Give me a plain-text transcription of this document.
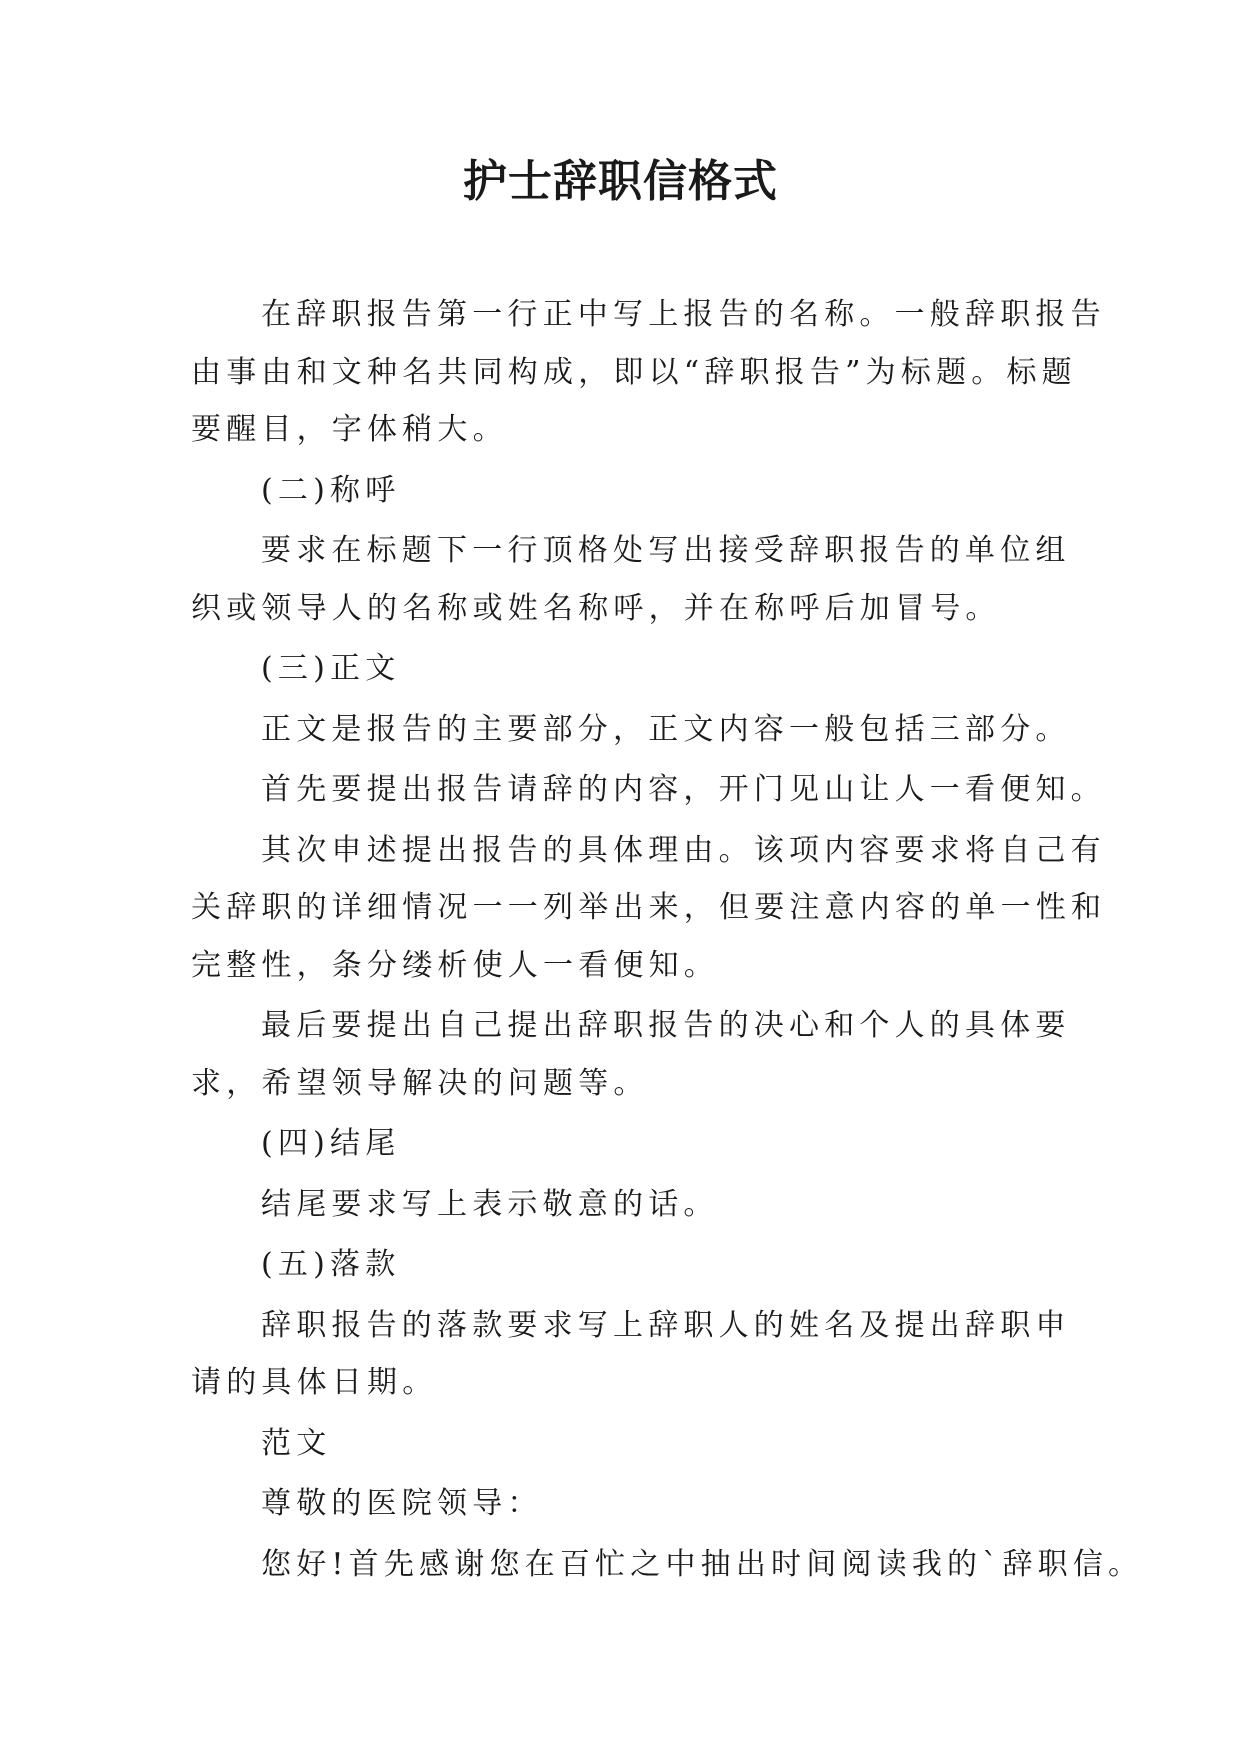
护士辞职信格式

在辞职报告第一行正中写上报告的名称。一般辞职报告
由事由和文种名共同构成，即以“辞职报告”为标题。标题
要醒目，字体稍大。

(二)称呼

要求在标题下一行顶格处写出接受辞职报告的单位组
织或领导人的名称或姓名称呼，并在称呼后加冒号。

(三)正文

正文是报告的主要部分，正文内容一般包括三部分。

首先要提出报告请辞的内容，开门见山让人一看便知。

其次申述提出报告的具体理由。该项内容要求将自己有
关辞职的详细情况一一列举出来，但要注意内容的单一性和
完整性，条分缕析使人一看便知。

最后要提出自己提出辞职报告的决心和个人的具体要
求，希望领导解决的问题等。

(四)结尾

结尾要求写上表示敬意的话。

(五)落款

辞职报告的落款要求写上辞职人的姓名及提出辞职申
请的具体日期。

范文

尊敬的医院领导：

您好!首先感谢您在百忙之中抽出时间阅读我的`辞职信。
